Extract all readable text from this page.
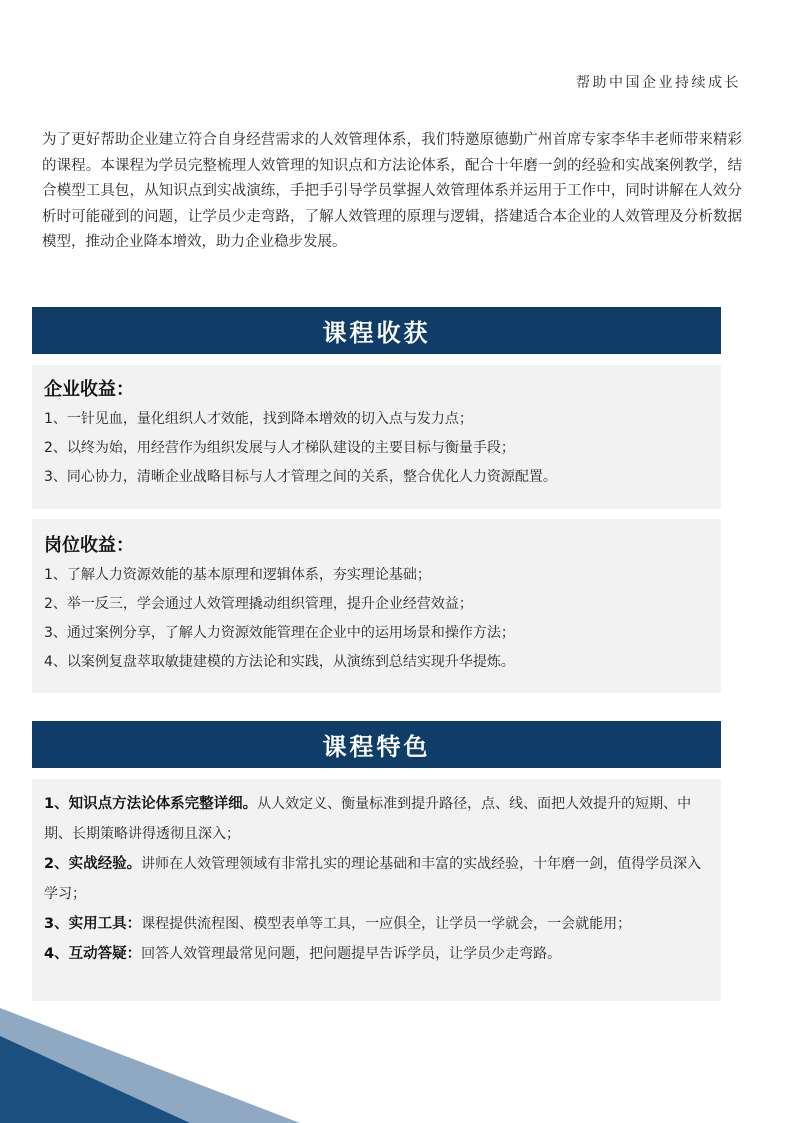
帮助中国企业持续成长

为了更好帮助企业建立符合自身经营需求的人效管理体系，我们特邀原德勤广州首席专家李华丰老师带来精彩的课程。本课程为学员完整梳理人效管理的知识点和方法论体系，配合十年磨一剑的经验和实战案例教学，结合模型工具包，从知识点到实战演练，手把手引导学员掌握人效管理体系并运用于工作中，同时讲解在人效分析时可能碰到的问题，让学员少走弯路，了解人效管理的原理与逻辑，搭建适合本企业的人效管理及分析数据模型，推动企业降本增效，助力企业稳步发展。

课程收获
企业收益：
1、一针见血，量化组织人才效能，找到降本增效的切入点与发力点；
2、以终为始，用经营作为组织发展与人才梯队建设的主要目标与衡量手段；
3、同心协力，清晰企业战略目标与人才管理之间的关系，整合优化人力资源配置。
岗位收益：
1、了解人力资源效能的基本原理和逻辑体系，夯实理论基础；
2、举一反三，学会通过人效管理撬动组织管理，提升企业经营效益；
3、通过案例分享，了解人力资源效能管理在企业中的运用场景和操作方法；
4、以案例复盘萃取敏捷建模的方法论和实践，从演练到总结实现升华提炼。
课程特色

1、知识点方法论体系完整详细。从人效定义、衡量标准到提升路径，点、线、面把人效提升的短期、中期、长期策略讲得透彻且深入；

2、实战经验。讲师在人效管理领域有非常扎实的理论基础和丰富的实战经验，十年磨一剑，值得学员深入学习；

3、实用工具：课程提供流程图、模型表单等工具，一应俱全，让学员一学就会，一会就能用；

4、互动答疑：回答人效管理最常见问题，把问题提早告诉学员，让学员少走弯路。
